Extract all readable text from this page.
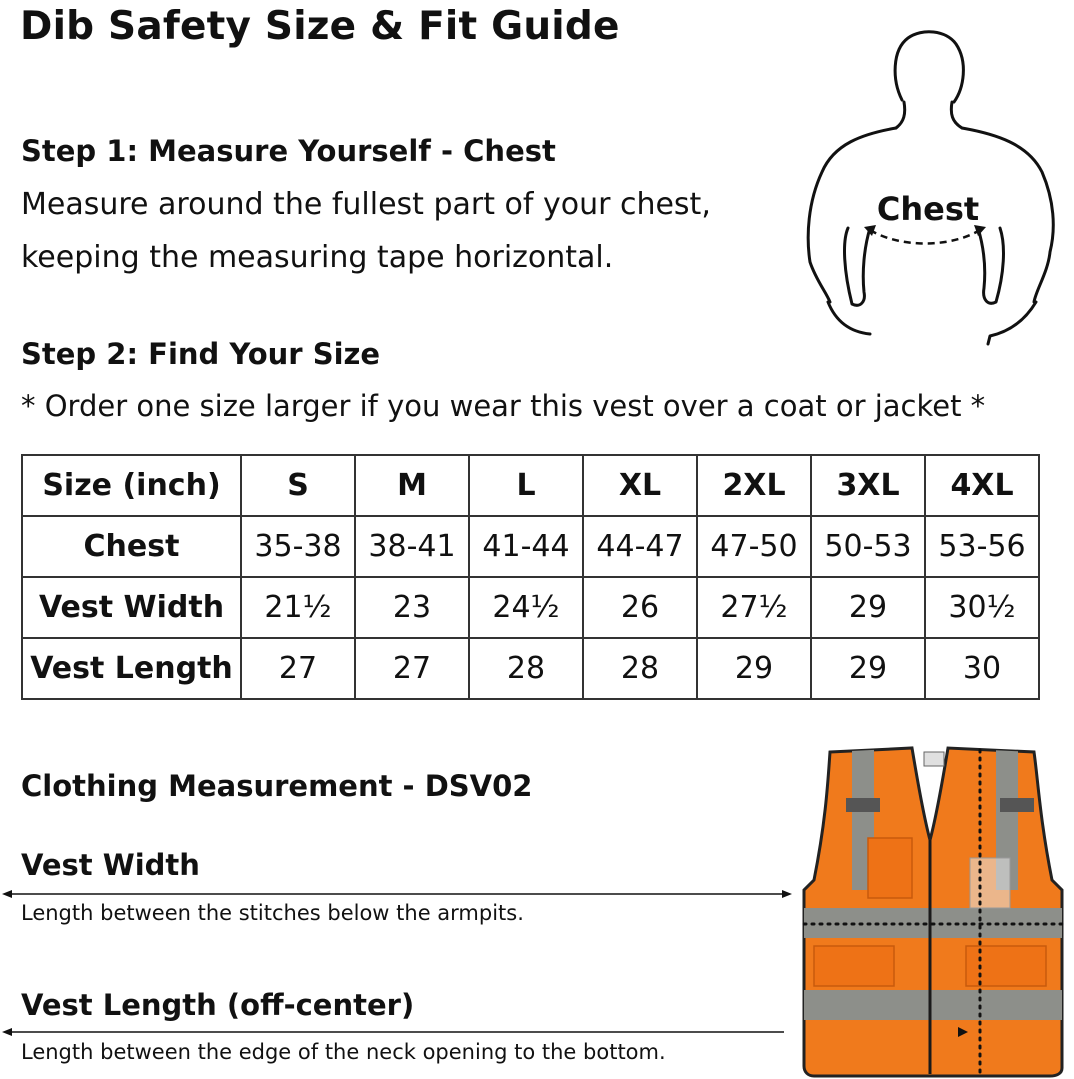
Dib Safety Size & Fit Guide
Step 1: Measure Yourself - Chest
Measure around the fullest part of your chest,
keeping the measuring tape horizontal.
Chest
Step 2: Find Your Size
* Order one size larger if you wear this vest over a coat or jacket *
Size (inch)	S	M	L	XL	2XL	3XL	4XL
Chest	35-38	38-41	41-44	44-47	47-50	50-53	53-56
Vest Width	21½	23	24½	26	27½	29	30½
Vest Length	27	27	28	28	29	29	30
Clothing Measurement - DSV02
Vest Width
Length between the stitches below the armpits.
Vest Length (off-center)
Length between the edge of the neck opening to the bottom.
